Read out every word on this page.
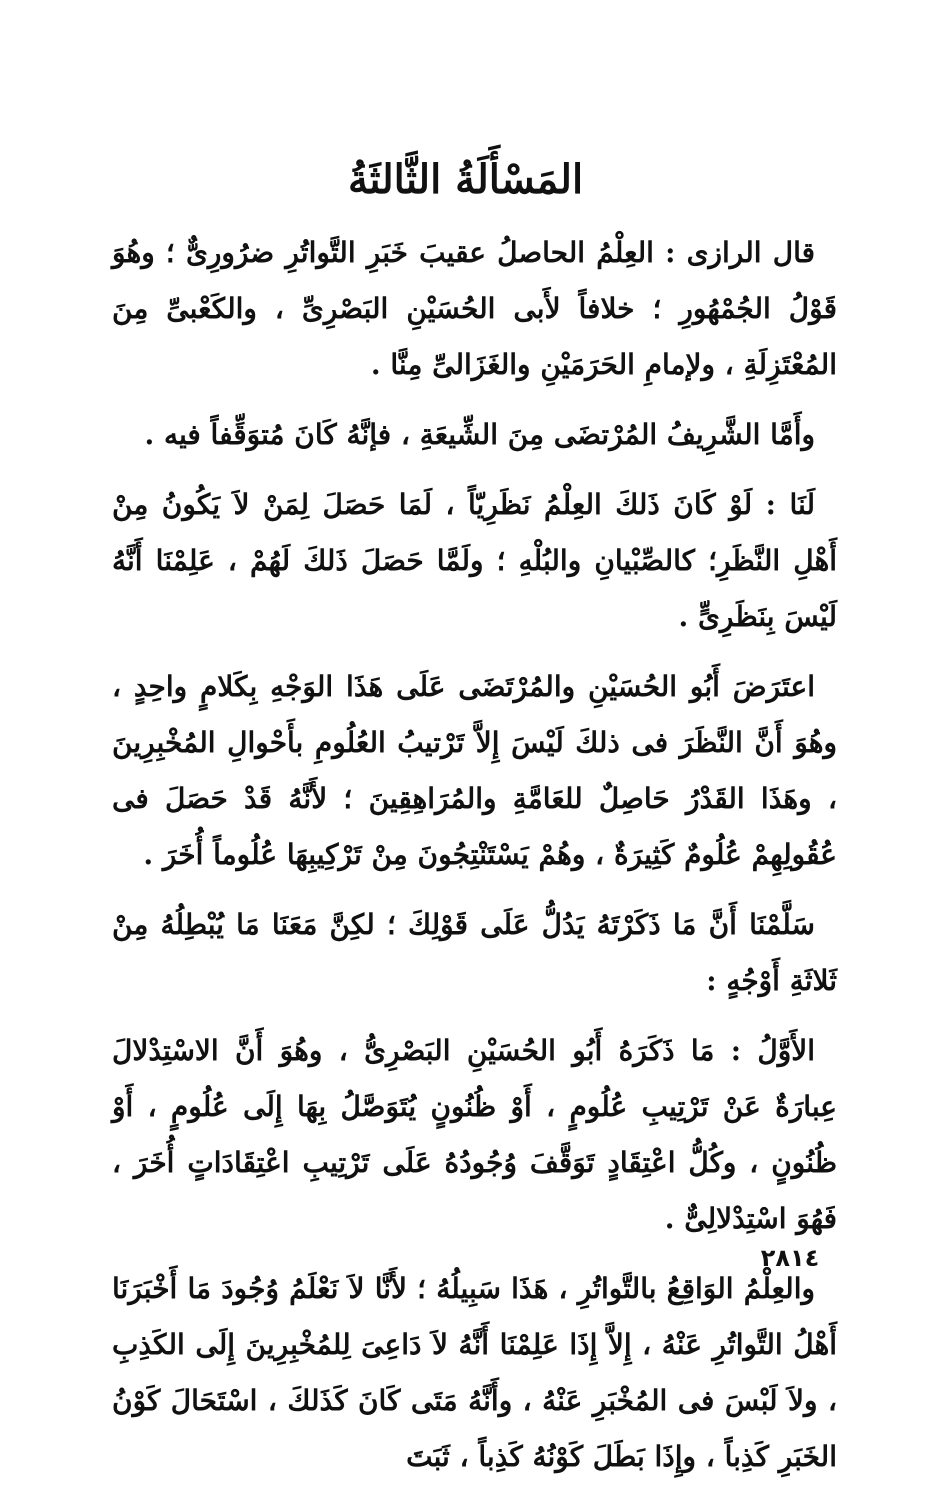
المَسْأَلَةُ الثَّالثَةُ

قال الرازى : العِلْمُ الحاصلُ عقيبَ خَبَرِ التَّواتُرِ ضرُورِىٌّ ؛ وهُوَ قَوْلُ الجُمْهُورِ ؛ خلافاً لأَبى الحُسَيْنِ البَصْرِىِّ ، والكَعْبىِّ مِنَ المُعْتَزِلَةِ ، ولإمامِ الحَرَمَيْنِ والغَزَالىِّ مِنَّا .

وأَمَّا الشَّرِيفُ المُرْتضَى مِنَ الشِّيعَةِ ، فإنَّهُ كَانَ مُتوَقِّفاً فيه .

لَنَا : لَوْ كَانَ ذَلكَ العِلْمُ نَظَرِيّاً ، لَمَا حَصَلَ لِمَنْ لاَ يَكُونُ مِنْ أَهْلِ النَّظَرِ؛ كالصِّبْيانِ والبُلْهِ ؛ ولَمَّا حَصَلَ ذَلكَ لَهُمْ ، عَلِمْنَا أَنَّهُ لَيْسَ بِنَظَرِىٍّ .

اعتَرَضَ أَبُو الحُسَيْنِ والمُرْتَضَى عَلَى هَذَا الوَجْهِ بِكَلامٍ واحِدٍ ، وهُوَ أَنَّ النَّظَرَ فى ذلكَ لَيْسَ إِلاَّ تَرْتيبُ العُلُومِ بأَحْوالِ المُخْبِرِينَ ، وهَذَا القَدْرُ حَاصِلٌ للعَامَّةِ والمُرَاهِقِينَ ؛ لأَنَّهُ قَدْ حَصَلَ فى عُقُولِهِمْ عُلُومٌ كَثِيرَةٌ ، وهُمْ يَسْتَنْتِجُونَ مِنْ تَرْكِيبِهَا عُلُوماً أُخَرَ .

سَلَّمْنَا أَنَّ مَا ذَكَرْتَهُ يَدُلُّ عَلَى قَوْلِكَ ؛ لكِنَّ مَعَنَا مَا يُبْطِلُهُ مِنْ ثَلاثَةِ أَوْجُهٍ :

الأَوَّلُ : مَا ذَكَرَهُ أَبُو الحُسَيْنِ البَصْرِىُّ ، وهُوَ أَنَّ الاسْتِدْلالَ عِبارَةٌ عَنْ تَرْتِيبِ عُلُومٍ ، أَوْ ظُنُونٍ يُتَوَصَّلُ بِهَا إِلَى عُلُومٍ ، أَوْ ظُنُونٍ ، وكُلُّ اعْتِقَادٍ تَوَقَّفَ وُجُودُهُ عَلَى تَرْتِيبِ اعْتِقَادَاتٍ أُخَرَ ، فَهُوَ اسْتِدْلالِىٌّ .

والعِلْمُ الوَاقِعُ بالتَّواتُرِ ، هَذَا سَبِيلُهُ ؛ لأَنَّا لاَ نَعْلَمُ وُجُودَ مَا أَخْبَرَنَا أَهْلُ التَّواتُرِ عَنْهُ ، إِلاَّ إِذَا عَلِمْنَا أَنَّهُ لاَ دَاعِىَ لِلمُخْبِرِينَ إِلَى الكَذِبِ ، ولاَ لَبْسَ فى المُخْبَرِ عَنْهُ ، وأَنَّهُ مَتَى كَانَ كَذَلكَ ، اسْتَحَالَ كَوْنُ الخَبَرِ كَذِباً ، وإِذَا بَطَلَ كَوْنُهُ كَذِباً ، ثَبَتَ

٢٨١٤
